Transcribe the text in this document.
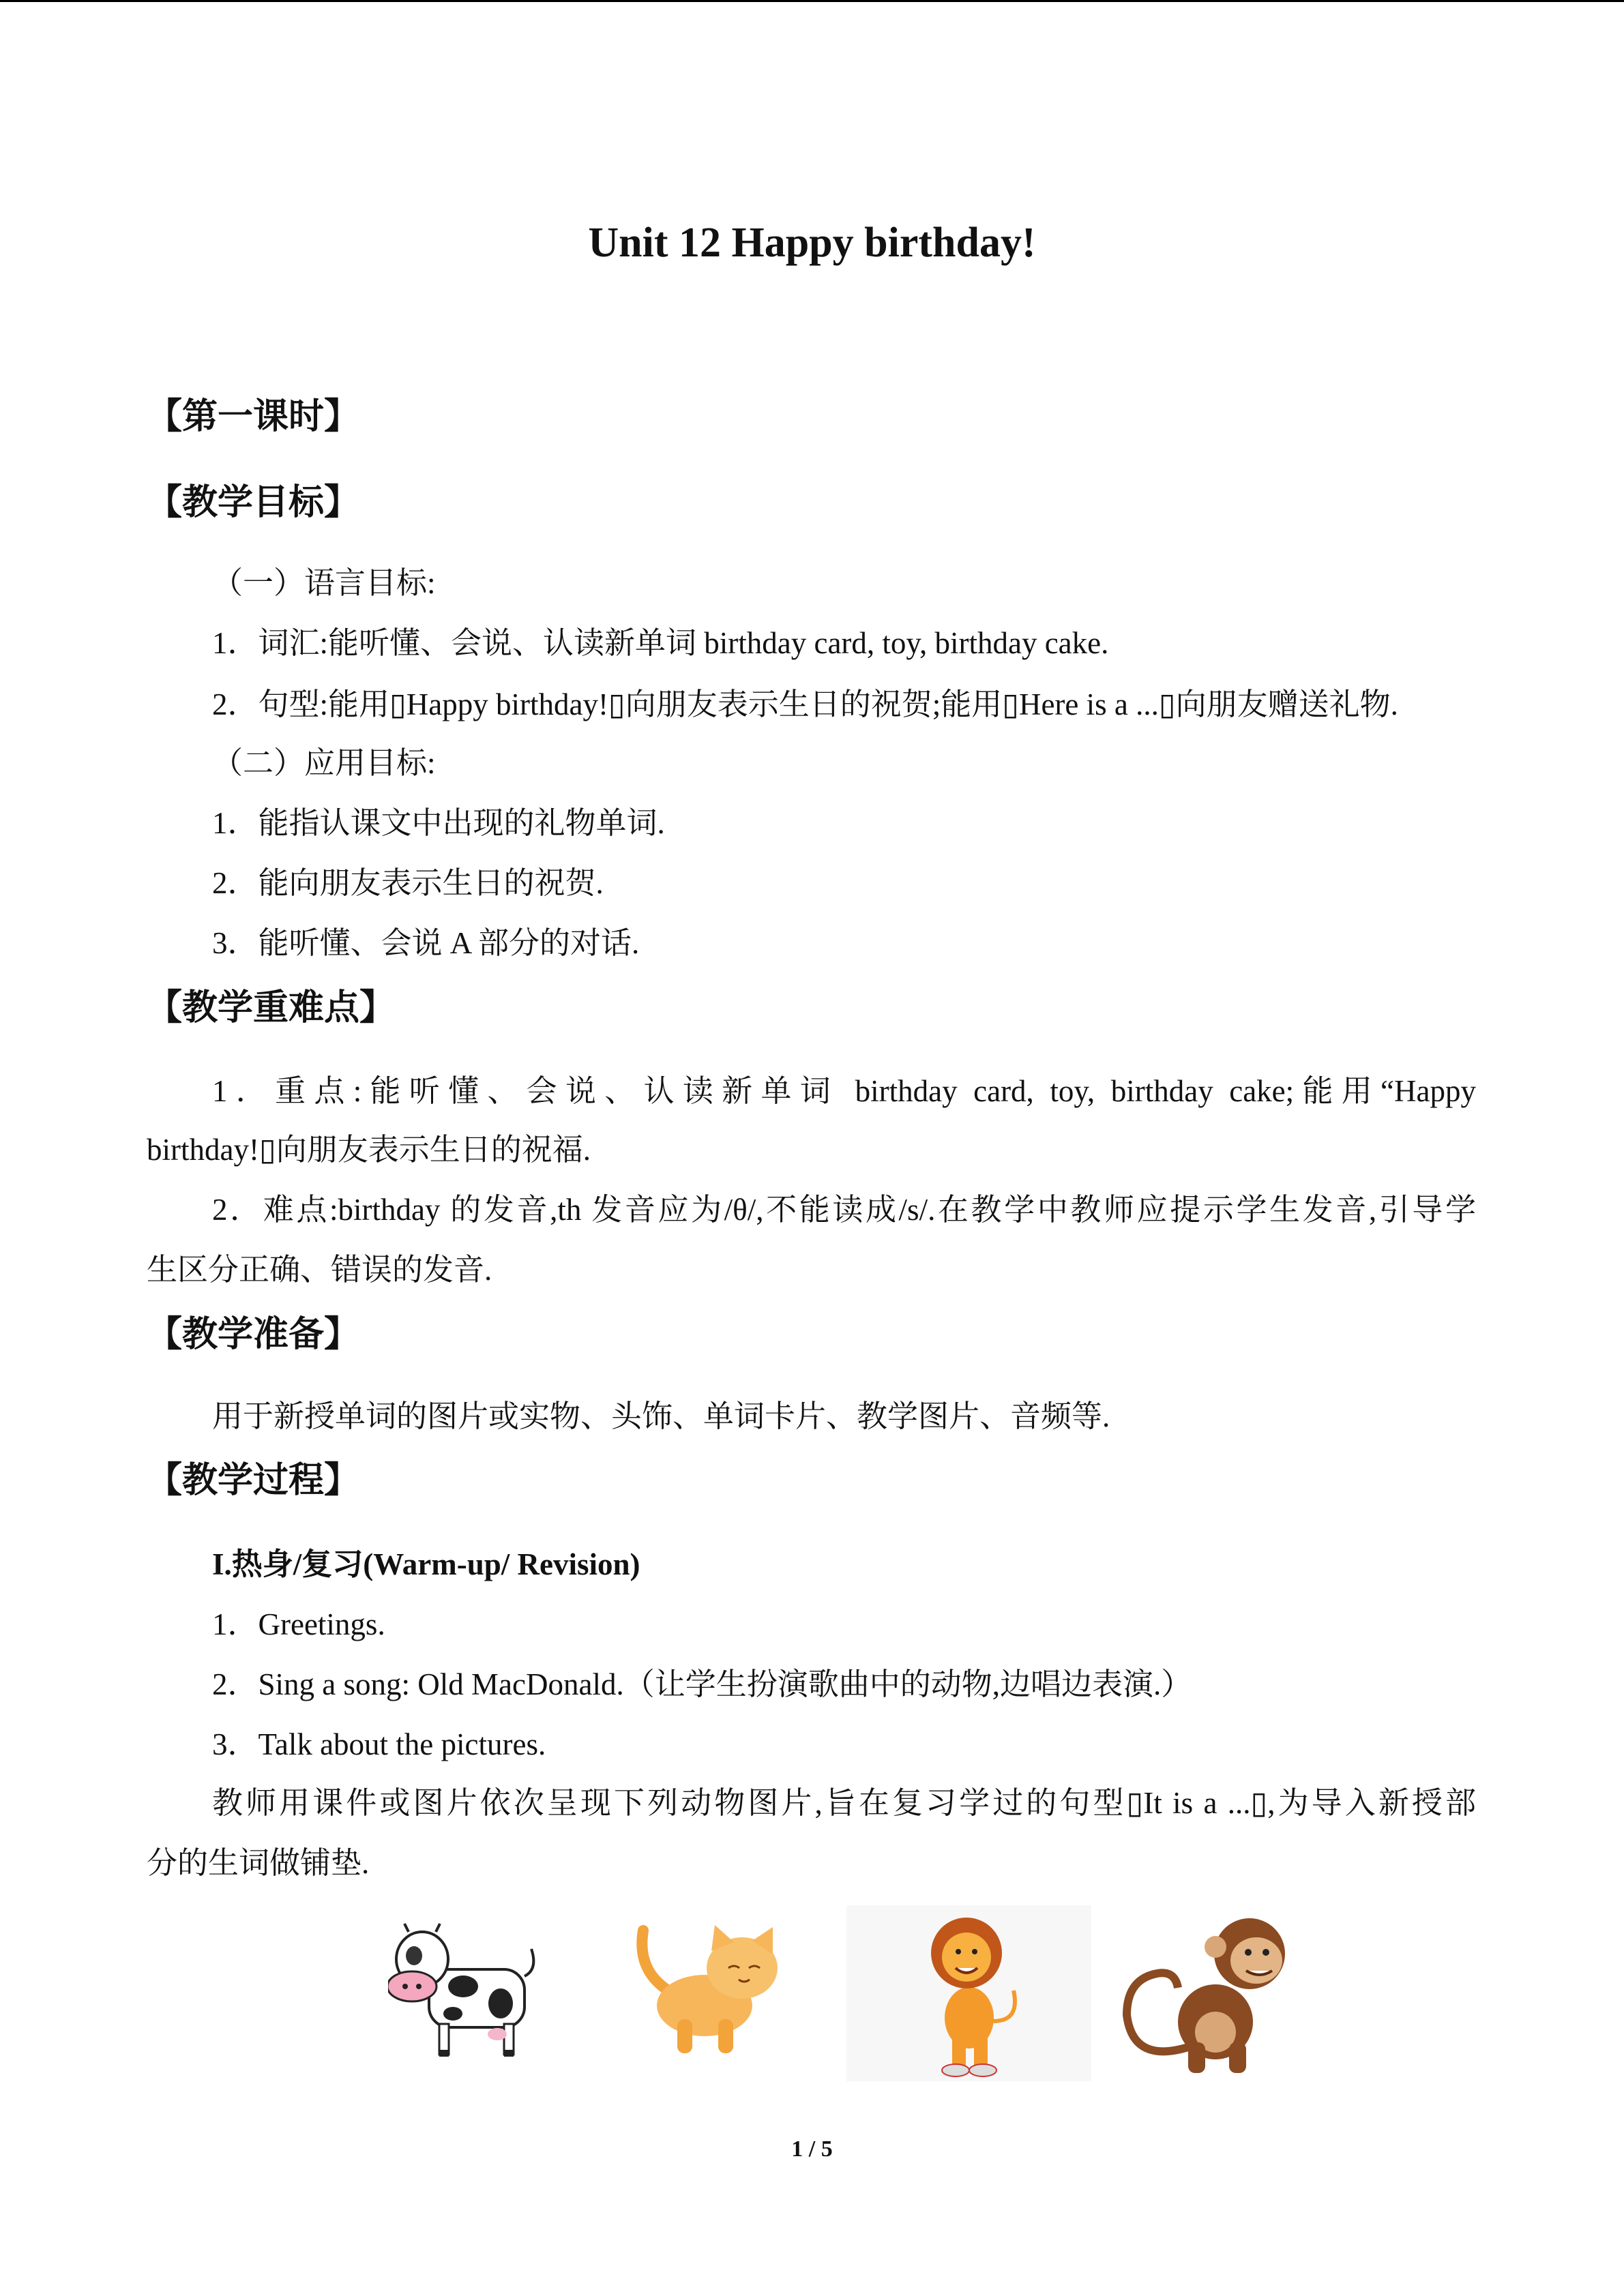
Unit 12 Happy birthday!
【第一课时】
【教学目标】
（一）语言目标:
1．词汇:能听懂、会说、认读新单词 birthday card, toy, birthday cake.
2．句型:能用▯Happy birthday!▯向朋友表示生日的祝贺;能用▯Here is a ...▯向朋友赠送礼物.
（二）应用目标:
1．能指认课文中出现的礼物单词.
2．能向朋友表示生日的祝贺.
3．能听懂、会说 A 部分的对话.
【教学重难点】
1．重点:能听懂、会说、认读新单词 birthday card, toy, birthday cake;能用“Happy
birthday!▯向朋友表示生日的祝福.
2．难点:birthday 的发音,th 发音应为/θ/,不能读成/s/.在教学中教师应提示学生发音,引导学
生区分正确、错误的发音.
【教学准备】
用于新授单词的图片或实物、头饰、单词卡片、教学图片、音频等.
【教学过程】
I.热身/复习(Warm-up/ Revision)
1．Greetings.
2．Sing a song: Old MacDonald.（让学生扮演歌曲中的动物,边唱边表演.）
3．Talk about the pictures.
教师用课件或图片依次呈现下列动物图片,旨在复习学过的句型▯It is a ...▯,为导入新授部
分的生词做铺垫.
1 / 5
